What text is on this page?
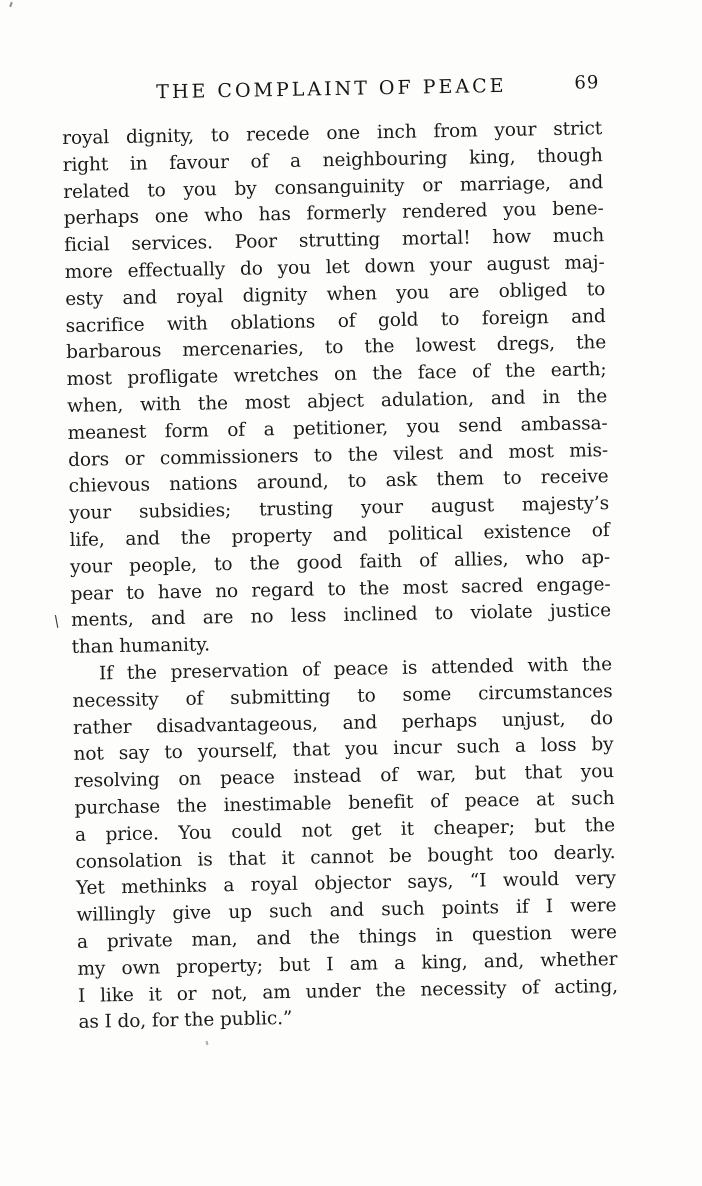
THE COMPLAINT OF PEACE	69
royal dignity, to recede one inch from your strict
right in favour of a neighbouring king, though
related to you by consanguinity or marriage, and
perhaps one who has formerly rendered you bene-
ficial services. Poor strutting mortal! how much
more effectually do you let down your august maj-
esty and royal dignity when you are obliged to
sacrifice with oblations of gold to foreign and
barbarous mercenaries, to the lowest dregs, the
most profligate wretches on the face of the earth;
when, with the most abject adulation, and in the
meanest form of a petitioner, you send ambassa-
dors or commissioners to the vilest and most mis-
chievous nations around, to ask them to receive
your subsidies; trusting your august majesty’s
life, and the property and political existence of
your people, to the good faith of allies, who ap-
pear to have no regard to the most sacred engage-
ments, and are no less inclined to violate justice
than humanity.
If the preservation of peace is attended with the
necessity of submitting to some circumstances
rather disadvantageous, and perhaps unjust, do
not say to yourself, that you incur such a loss by
resolving on peace instead of war, but that you
purchase the inestimable benefit of peace at such
a price. You could not get it cheaper; but the
consolation is that it cannot be bought too dearly.
Yet methinks a royal objector says, “I would very
willingly give up such and such points if I were
a private man, and the things in question were
my own property; but I am a king, and, whether
I like it or not, am under the necessity of acting,
as I do, for the public.”
\
